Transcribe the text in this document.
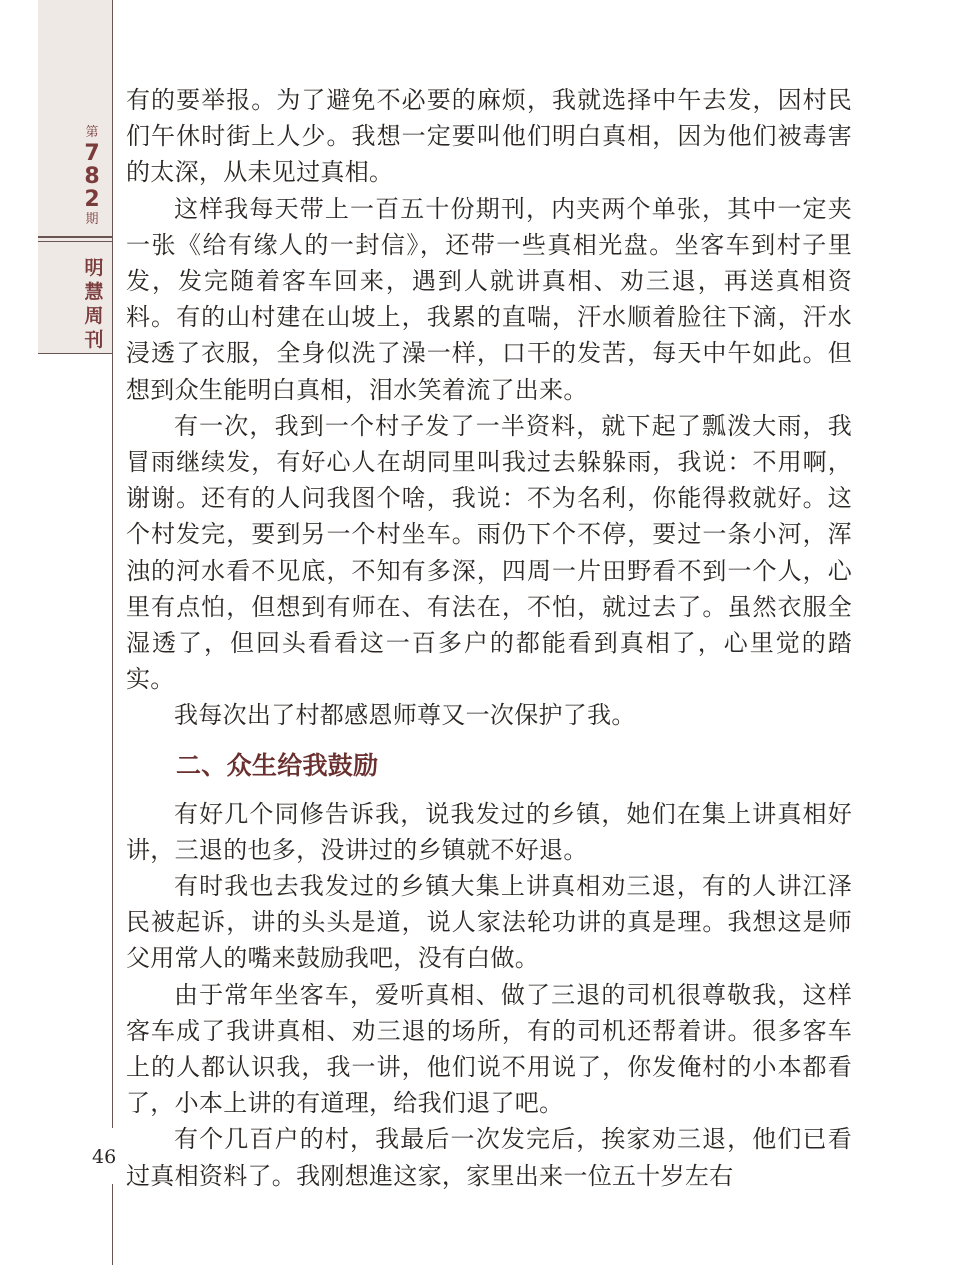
第
7
8
2
期
明
慧
周
刊
46

有的要举报。为了避免不必要的麻烦，我就选择中午去发，因村民们午休时街上人少。我想一定要叫他们明白真相，因为他们被毒害的太深，从未见过真相。

这样我每天带上一百五十份期刊，内夹两个单张，其中一定夹一张《给有缘人的一封信》，还带一些真相光盘。坐客车到村子里发，发完随着客车回来，遇到人就讲真相、劝三退，再送真相资料。有的山村建在山坡上，我累的直喘，汗水顺着脸往下滴，汗水浸透了衣服，全身似洗了澡一样，口干的发苦，每天中午如此。但想到众生能明白真相，泪水笑着流了出来。

有一次，我到一个村子发了一半资料，就下起了瓢泼大雨，我冒雨继续发，有好心人在胡同里叫我过去躲躲雨，我说：不用啊，谢谢。还有的人问我图个啥，我说：不为名利，你能得救就好。这个村发完，要到另一个村坐车。雨仍下个不停，要过一条小河，浑浊的河水看不见底，不知有多深，四周一片田野看不到一个人，心里有点怕，但想到有师在、有法在，不怕，就过去了。虽然衣服全湿透了，但回头看看这一百多户的都能看到真相了，心里觉的踏实。

我每次出了村都感恩师尊又一次保护了我。

二、众生给我鼓励

有好几个同修告诉我，说我发过的乡镇，她们在集上讲真相好讲，三退的也多，没讲过的乡镇就不好退。

有时我也去我发过的乡镇大集上讲真相劝三退，有的人讲江泽民被起诉，讲的头头是道，说人家法轮功讲的真是理。我想这是师父用常人的嘴来鼓励我吧，没有白做。

由于常年坐客车，爱听真相、做了三退的司机很尊敬我，这样客车成了我讲真相、劝三退的场所，有的司机还帮着讲。很多客车上的人都认识我，我一讲，他们说不用说了，你发俺村的小本都看了，小本上讲的有道理，给我们退了吧。

有个几百户的村，我最后一次发完后，挨家劝三退，他们已看过真相资料了。我刚想進这家，家里出来一位五十岁左右
